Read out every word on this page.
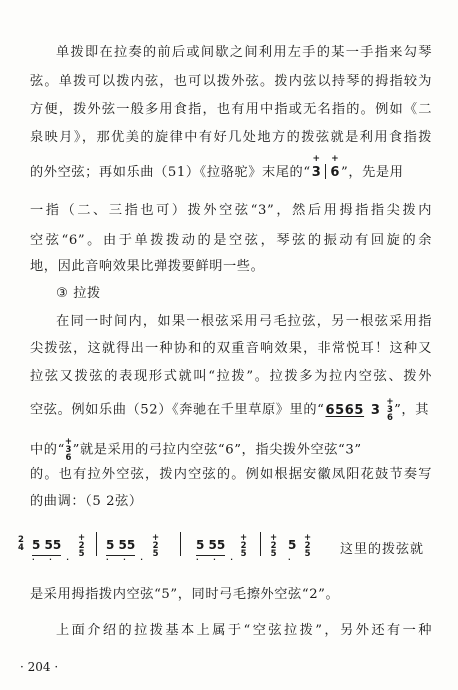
单拨即在拉奏的前后或间歇之间利用左手的某一手指来勾琴
弦。单拨可以拨内弦，也可以拨外弦。拨内弦以持琴的拇指较为
方便，拨外弦一般多用食指，也有用中指或无名指的。例如《二
泉映月》，那优美的旋律中有好几处地方的拨弦就是利用食指拨
的外空弦；再如乐曲（51）《拉骆驼》末尾的“
+
3
+
6”，先是用
一指（二、三指也可）拨外空弦“3”，然后用拇指指尖拨内
空弦“6”。由于单拨拨动的是空弦，琴弦的振动有回旋的余
地，因此音响效果比弹拨要鲜明一些。
③ 拉拨
在同一时间内，如果一根弦采用弓毛拉弦，另一根弦采用指
尖拨弦，这就得出一种协和的双重音响效果，非常悦耳！这种又
拉弦又拨弦的表现形式就叫“拉拨”。拉拨多为拉内空弦、拨外
空弦。例如乐曲（52）《奔驰在千里草原》里的“6565 3
+
3
6
”，其
中的“
+
3
6
”就是采用的弓拉内空弦“6”，指尖拨外空弦“3”
的。也有拉外空弦，拨内空弦的。例如根据安徽凤阳花鼓节奏写
的曲调：（5 2弦）
2
4 5 55
· · ·
+
2
5
5 55
· · ·
+
2
5
5 55
· · ·
+
2
5
+
2
5
5
·
+
2
5 这里的拨弦就
是采用拇指拨内空弦“5”，同时弓毛擦外空弦“2”。
上面介绍的拉拨基本上属于“空弦拉拨”，另外还有一种
· 204 ·
